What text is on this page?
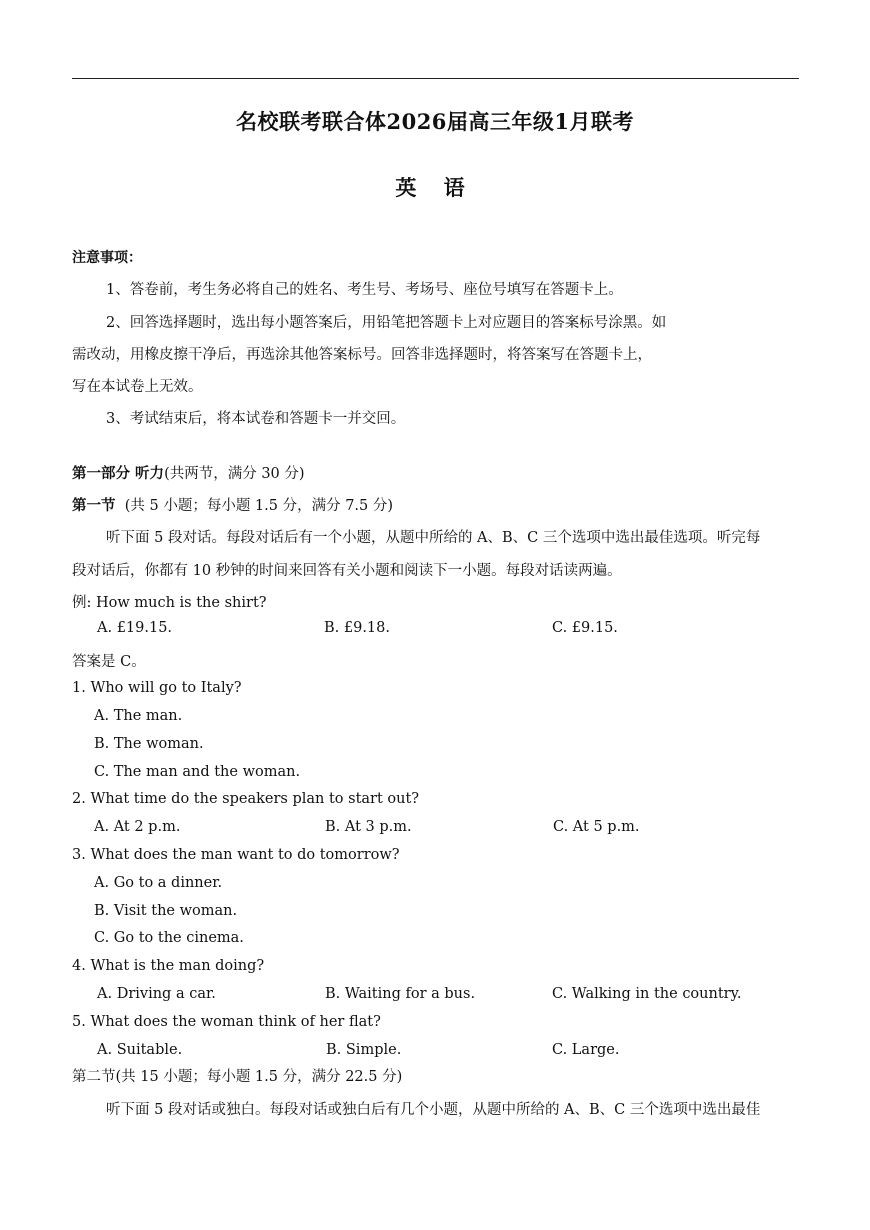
名校联考联合体2026届高三年级1月联考
英 语
注意事项：
1、答卷前，考生务必将自己的姓名、考生号、考场号、座位号填写在答题卡上。
2、回答选择题时，选出每小题答案后，用铅笔把答题卡上对应题目的答案标号涂黑。如
需改动，用橡皮擦干净后，再选涂其他答案标号。回答非选择题时，将答案写在答题卡上，
写在本试卷上无效。
3、考试结束后，将本试卷和答题卡一并交回。
第一部分 听力(共两节，满分 30 分)
第一节 (共 5 小题；每小题 1.5 分，满分 7.5 分)
听下面 5 段对话。每段对话后有一个小题，从题中所给的 A、B、C 三个选项中选出最佳选项。听完每
段对话后，你都有 10 秒钟的时间来回答有关小题和阅读下一小题。每段对话读两遍。
例: How much is the shirt?
A. £19.15.	B. £9.18.	C. £9.15.
答案是 C。
1. Who will go to Italy?
A. The man.
B. The woman.
C. The man and the woman.
2. What time do the speakers plan to start out?
A. At 2 p.m.	B. At 3 p.m.	C. At 5 p.m.
3. What does the man want to do tomorrow?
A. Go to a dinner.
B. Visit the woman.
C. Go to the cinema.
4. What is the man doing?
A. Driving a car.	B. Waiting for a bus.	C. Walking in the country.
5. What does the woman think of her flat?
A. Suitable.	B. Simple.	C. Large.
第二节(共 15 小题；每小题 1.5 分，满分 22.5 分)
听下面 5 段对话或独白。每段对话或独白后有几个小题，从题中所给的 A、B、C 三个选项中选出最佳
